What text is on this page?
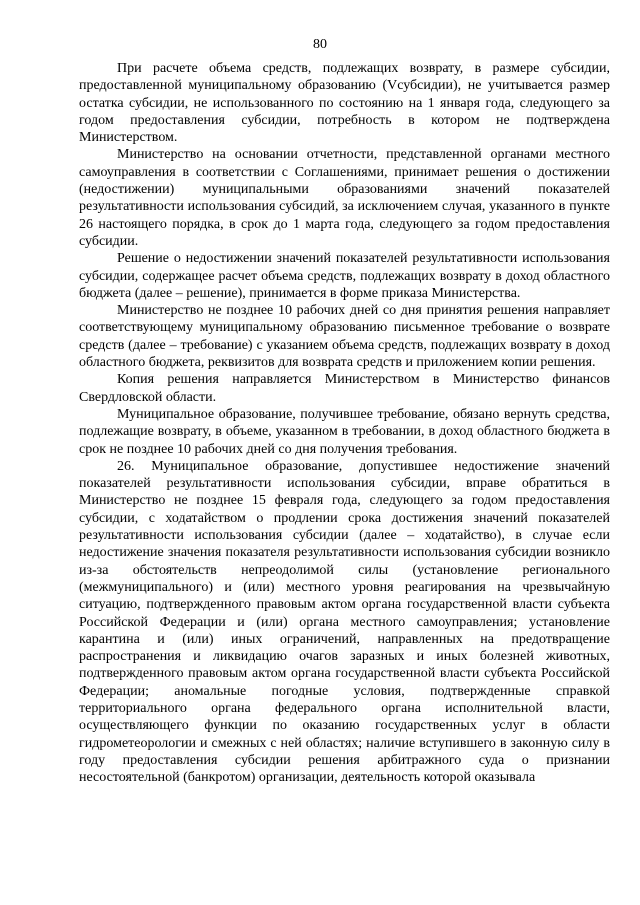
80

При расчете объема средств, подлежащих возврату, в размере субсидии, предоставленной муниципальному образованию (Vсубсидии), не учитывается размер остатка субсидии, не использованного по состоянию на 1 января года, следующего за годом предоставления субсидии, потребность в котором не подтверждена Министерством.

Министерство на основании отчетности, представленной органами местного самоуправления в соответствии с Соглашениями, принимает решения о достижении (недостижении) муниципальными образованиями значений показателей результативности использования субсидий, за исключением случая, указанного в пункте 26 настоящего порядка, в срок до 1 марта года, следующего за годом предоставления субсидии.

Решение о недостижении значений показателей результативности использования субсидии, содержащее расчет объема средств, подлежащих возврату в доход областного бюджета (далее – решение), принимается в форме приказа Министерства.

Министерство не позднее 10 рабочих дней со дня принятия решения направляет соответствующему муниципальному образованию письменное требование о возврате средств (далее – требование) с указанием объема средств, подлежащих возврату в доход областного бюджета, реквизитов для возврата средств и приложением копии решения.

Копия решения направляется Министерством в Министерство финансов Свердловской области.

Муниципальное образование, получившее требование, обязано вернуть средства, подлежащие возврату, в объеме, указанном в требовании, в доход областного бюджета в срок не позднее 10 рабочих дней со дня получения требования.

26. Муниципальное образование, допустившее недостижение значений показателей результативности использования субсидии, вправе обратиться в Министерство не позднее 15 февраля года, следующего за годом предоставления субсидии, с ходатайством о продлении срока достижения значений показателей результативности использования субсидии (далее – ходатайство), в случае если недостижение значения показателя результативности использования субсидии возникло из-за обстоятельств непреодолимой силы (установление регионального (межмуниципального) и (или) местного уровня реагирования на чрезвычайную ситуацию, подтвержденного правовым актом органа государственной власти субъекта Российской Федерации и (или) органа местного самоуправления; установление карантина и (или) иных ограничений, направленных на предотвращение распространения и ликвидацию очагов заразных и иных болезней животных, подтвержденного правовым актом органа государственной власти субъекта Российской Федерации; аномальные погодные условия, подтвержденные справкой территориального органа федерального органа исполнительной власти, осуществляющего функции по оказанию государственных услуг в области гидрометеорологии и смежных с ней областях; наличие вступившего в законную силу в году предоставления субсидии решения арбитражного суда о признании несостоятельной (банкротом) организации, деятельность которой оказывала
